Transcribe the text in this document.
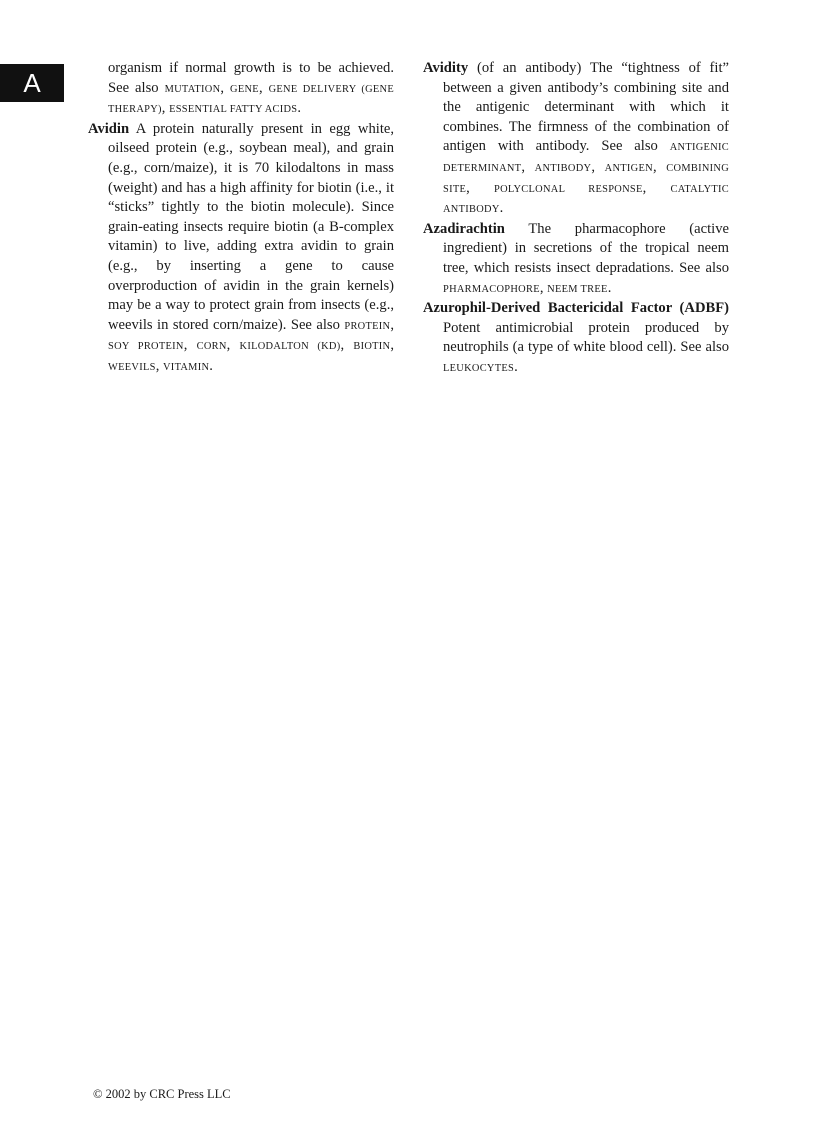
A	organism if normal growth is to be achieved. See also MUTATION, GENE, GENE DELIVERY (GENE THERAPY), ESSENTIAL FATTY ACIDS.

Avidin A protein naturally present in egg white, oilseed protein (e.g., soybean meal), and grain (e.g., corn/maize), it is 70 kilodaltons in mass (weight) and has a high affinity for biotin (i.e., it “sticks” tightly to the biotin molecule). Since grain-eating insects require biotin (a B-complex vitamin) to live, adding extra avidin to grain (e.g., by inserting a gene to cause overproduction of avidin in the grain kernels) may be a way to protect grain from insects (e.g., weevils in stored corn/maize). See also PROTEIN, SOY PROTEIN, CORN, KILODALTON (KD), BIOTIN, WEEVILS, VITAMIN.

Avidity (of an antibody) The “tightness of fit” between a given antibody’s combining site and the antigenic determinant with which it combines. The firmness of the combination of antigen with antibody. See also ANTIGENIC DETERMINANT, ANTIBODY, ANTIGEN, COMBINING SITE, POLYCLONAL RESPONSE, CATALYTIC ANTIBODY.

Azadirachtin The pharmacophore (active ingredient) in secretions of the tropical neem tree, which resists insect depradations. See also PHARMACOPHORE, NEEM TREE.

Azurophil-Derived Bactericidal Factor (ADBF) Potent antimicrobial protein produced by neutrophils (a type of white blood cell). See also LEUKOCYTES.

© 2002 by CRC Press LLC
